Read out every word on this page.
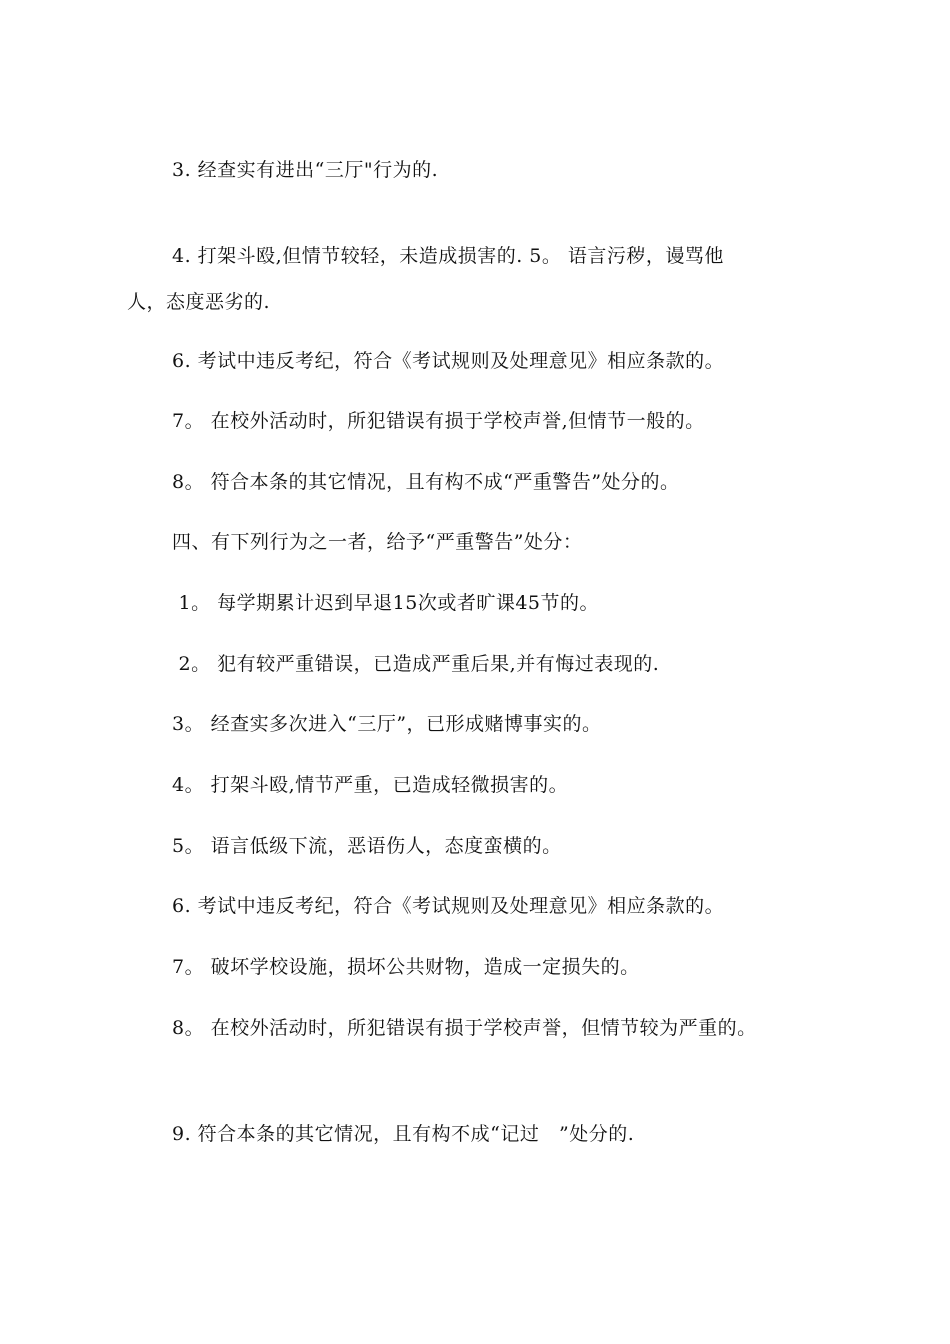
3. 经查实有进出“三厅"行为的.
4. 打架斗殴,但情节较轻，未造成损害的. 5。 语言污秽，谩骂他
人，态度恶劣的.
6. 考试中违反考纪，符合《考试规则及处理意见》相应条款的。
7。 在校外活动时，所犯错误有损于学校声誉,但情节一般的。
8。 符合本条的其它情况，且有构不成“严重警告”处分的。
四、有下列行为之一者，给予“严重警告”处分：
1。 每学期累计迟到早退15次或者旷课45节的。
2。 犯有较严重错误，已造成严重后果,并有悔过表现的.
3。 经查实多次进入“三厅”，已形成赌博事实的。
4。 打架斗殴,情节严重，已造成轻微损害的。
5。 语言低级下流，恶语伤人，态度蛮横的。
6. 考试中违反考纪，符合《考试规则及处理意见》相应条款的。
7。 破坏学校设施，损坏公共财物，造成一定损失的。
8。 在校外活动时，所犯错误有损于学校声誉，但情节较为严重的。
9. 符合本条的其它情况，且有构不成“记过   ”处分的.
